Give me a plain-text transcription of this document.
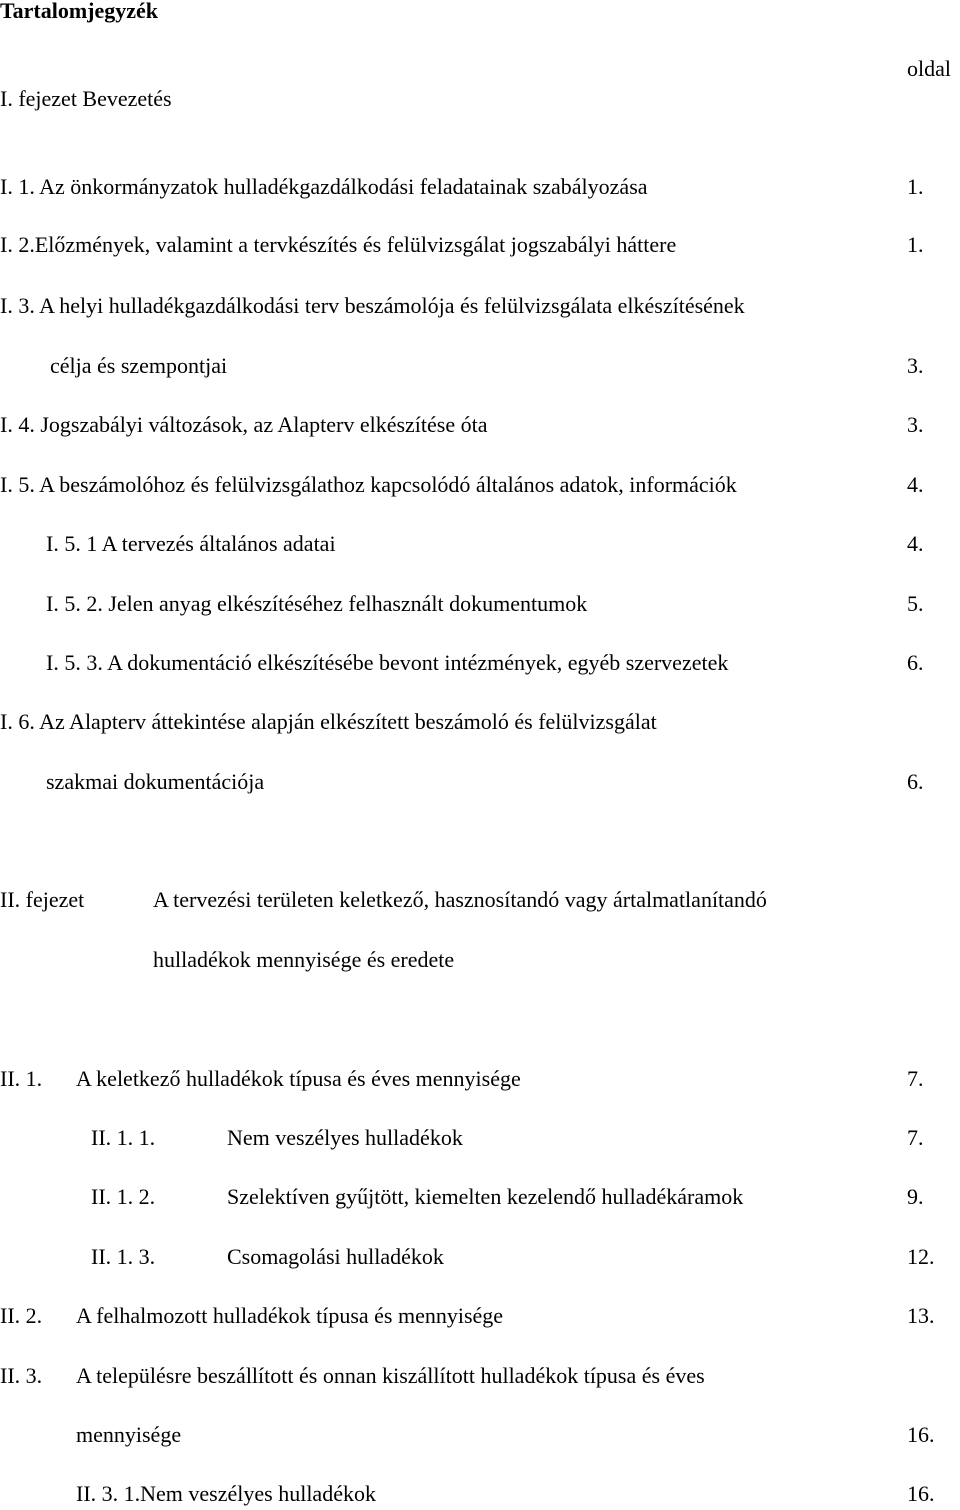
Tartalomjegyzék
oldal
I. fejezet Bevezetés
I. 1. Az önkormányzatok hulladékgazdálkodási feladatainak szabályozása	1.
I. 2.Előzmények, valamint a tervkészítés és felülvizsgálat jogszabályi háttere	1.
I. 3. A helyi hulladékgazdálkodási terv beszámolója és felülvizsgálata elkészítésének
célja és szempontjai	3.
I. 4. Jogszabályi változások, az Alapterv elkészítése óta	3.
I. 5. A beszámolóhoz és felülvizsgálathoz kapcsolódó általános adatok, információk	4.
I. 5. 1 A tervezés általános adatai	4.
I. 5. 2. Jelen anyag elkészítéséhez felhasznált dokumentumok	5.
I. 5. 3. A dokumentáció elkészítésébe bevont intézmények, egyéb szervezetek	6.
I. 6. Az Alapterv áttekintése alapján elkészített beszámoló és felülvizsgálat
szakmai dokumentációja	6.
II. fejezet	A tervezési területen keletkező, hasznosítandó vagy ártalmatlanítandó
hulladékok mennyisége és eredete
II. 1. A keletkező hulladékok típusa és éves mennyisége	7.
II. 1. 1.	Nem veszélyes hulladékok	7.
II. 1. 2.	Szelektíven gyűjtött, kiemelten kezelendő hulladékáramok	9.
II. 1. 3.	Csomagolási hulladékok	12.
II. 2. A felhalmozott hulladékok típusa és mennyisége	13.
II. 3. A településre beszállított és onnan kiszállított hulladékok típusa és éves
mennyisége	16.
II. 3. 1.Nem veszélyes hulladékok	16.
